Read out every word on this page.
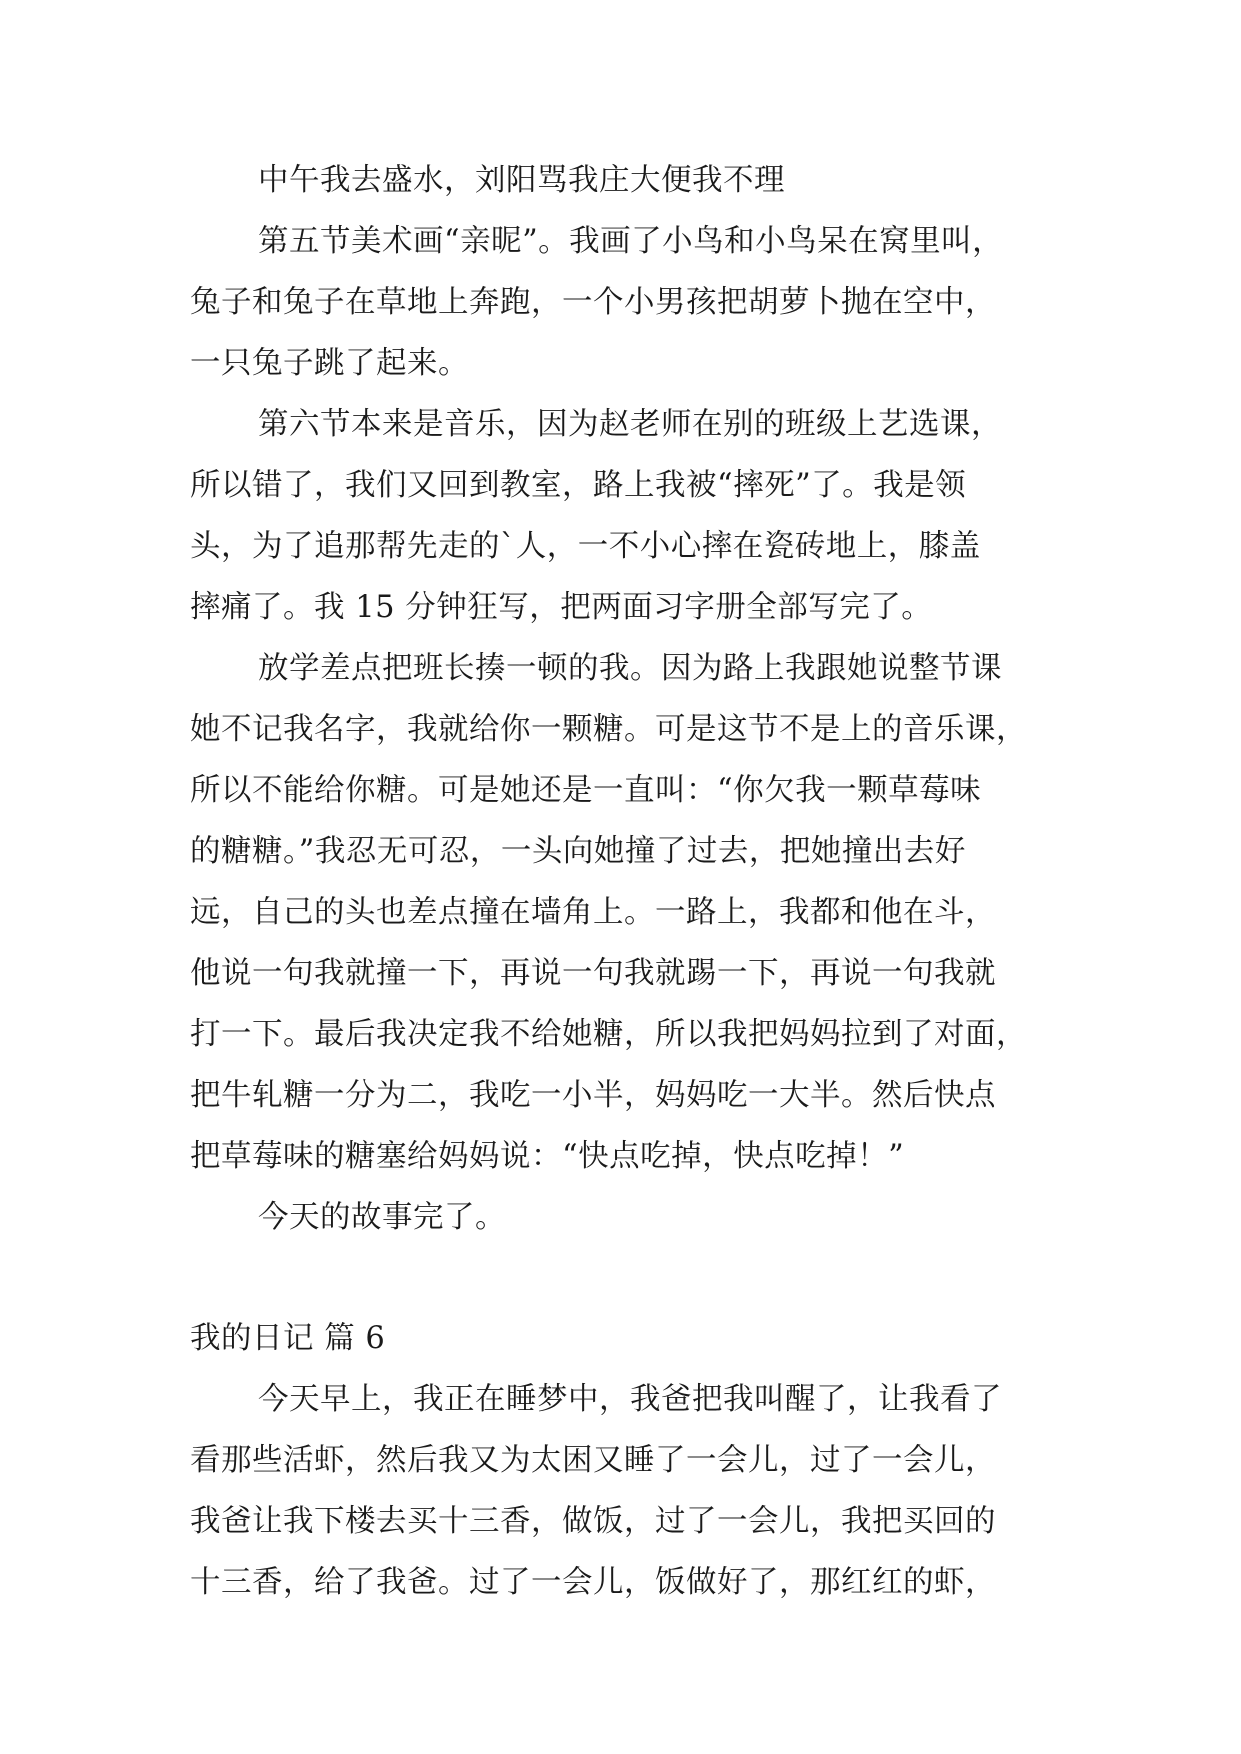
中午我去盛水，刘阳骂我庄大便我不理
第五节美术画“亲昵”。我画了小鸟和小鸟呆在窝里叫，
兔子和兔子在草地上奔跑，一个小男孩把胡萝卜抛在空中，
一只兔子跳了起来。
第六节本来是音乐，因为赵老师在别的班级上艺选课，
所以错了，我们又回到教室，路上我被“摔死”了。我是领
头，为了追那帮先走的`人，一不小心摔在瓷砖地上，膝盖
摔痛了。我 15 分钟狂写，把两面习字册全部写完了。
放学差点把班长揍一顿的我。因为路上我跟她说整节课
她不记我名字，我就给你一颗糖。可是这节不是上的音乐课，
所以不能给你糖。可是她还是一直叫：“你欠我一颗草莓味
的糖糖。”我忍无可忍，一头向她撞了过去，把她撞出去好
远，自己的头也差点撞在墙角上。一路上，我都和他在斗，
他说一句我就撞一下，再说一句我就踢一下，再说一句我就
打一下。最后我决定我不给她糖，所以我把妈妈拉到了对面，
把牛轧糖一分为二，我吃一小半，妈妈吃一大半。然后快点
把草莓味的糖塞给妈妈说：“快点吃掉，快点吃掉！”
今天的故事完了。
我的日记 篇 6
今天早上，我正在睡梦中，我爸把我叫醒了，让我看了
看那些活虾，然后我又为太困又睡了一会儿，过了一会儿，
我爸让我下楼去买十三香，做饭，过了一会儿，我把买回的
十三香，给了我爸。过了一会儿，饭做好了，那红红的虾，
